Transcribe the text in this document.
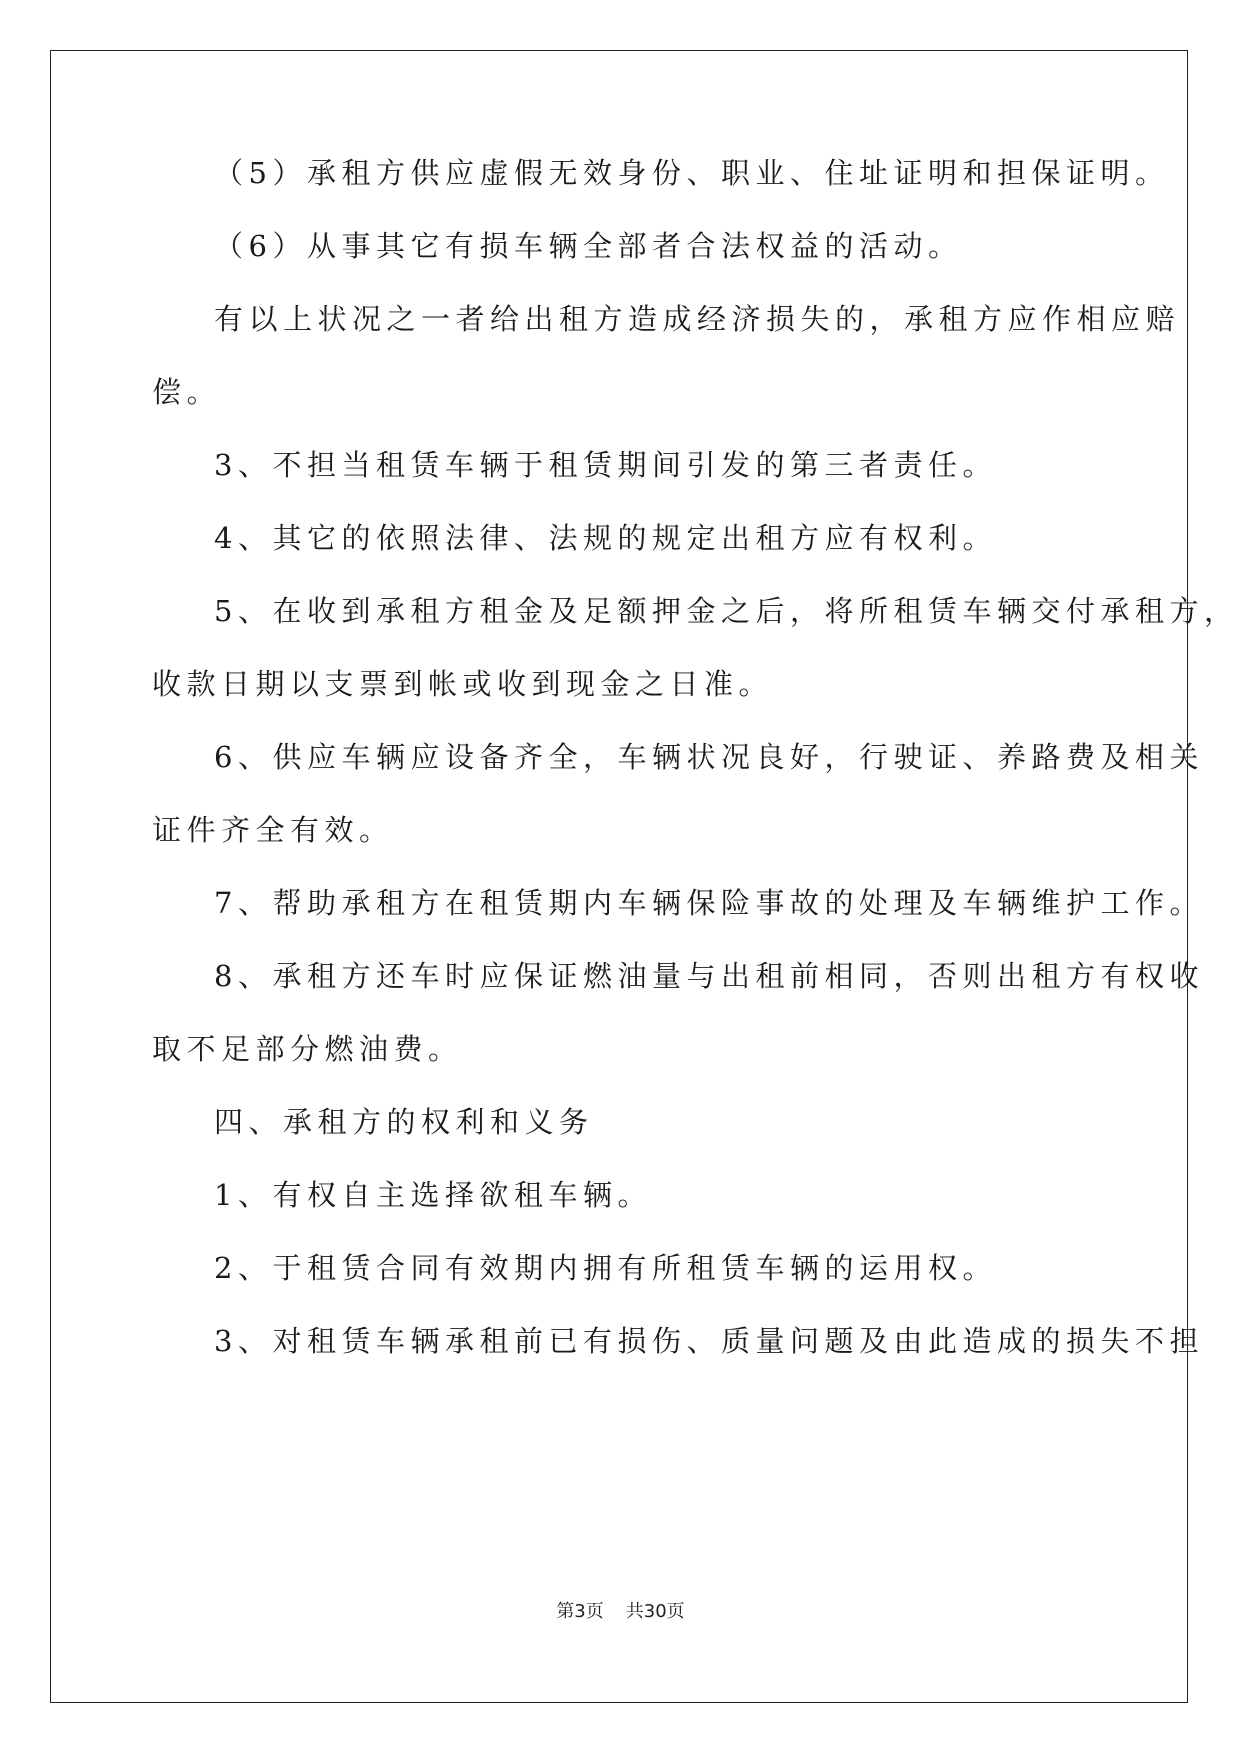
（5）承租方供应虚假无效身份、职业、住址证明和担保证明。
（6）从事其它有损车辆全部者合法权益的活动。
有以上状况之一者给出租方造成经济损失的，承租方应作相应赔
偿。
3、不担当租赁车辆于租赁期间引发的第三者责任。
4、其它的依照法律、法规的规定出租方应有权利。
5、在收到承租方租金及足额押金之后，将所租赁车辆交付承租方，
收款日期以支票到帐或收到现金之日准。
6、供应车辆应设备齐全，车辆状况良好，行驶证、养路费及相关
证件齐全有效。
7、帮助承租方在租赁期内车辆保险事故的处理及车辆维护工作。
8、承租方还车时应保证燃油量与出租前相同，否则出租方有权收
取不足部分燃油费。
四、承租方的权利和义务
1、有权自主选择欲租车辆。
2、于租赁合同有效期内拥有所租赁车辆的运用权。
3、对租赁车辆承租前已有损伤、质量问题及由此造成的损失不担
第3页 共30页
